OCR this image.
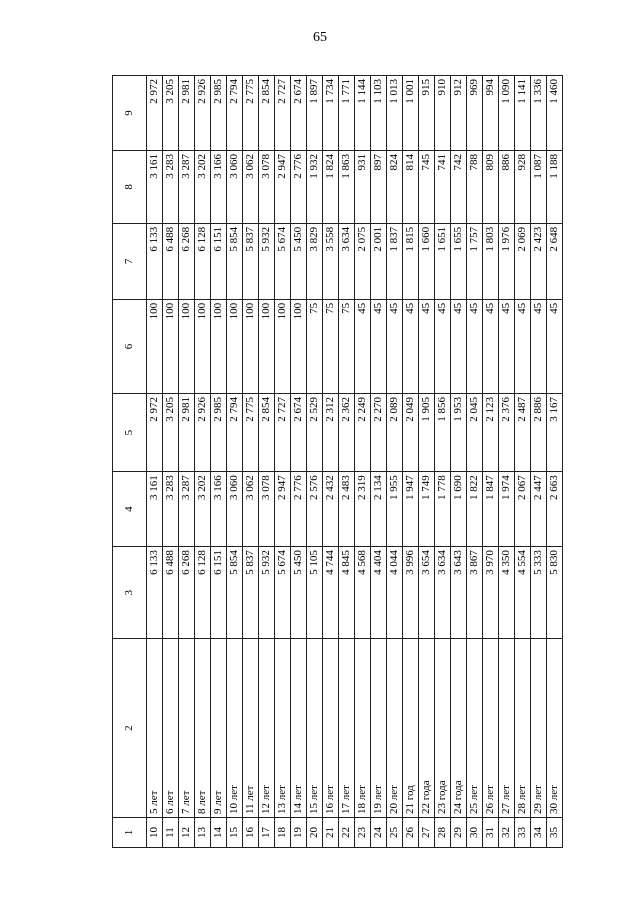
65
1	2	3	4	5	6	7	8	9
10	5 лет	6 133	3 161	2 972	100	6 133	3 161	2 972
11	6 лет	6 488	3 283	3 205	100	6 488	3 283	3 205
12	7 лет	6 268	3 287	2 981	100	6 268	3 287	2 981
13	8 лет	6 128	3 202	2 926	100	6 128	3 202	2 926
14	9 лет	6 151	3 166	2 985	100	6 151	3 166	2 985
15	10 лет	5 854	3 060	2 794	100	5 854	3 060	2 794
16	11 лет	5 837	3 062	2 775	100	5 837	3 062	2 775
17	12 лет	5 932	3 078	2 854	100	5 932	3 078	2 854
18	13 лет	5 674	2 947	2 727	100	5 674	2 947	2 727
19	14 лет	5 450	2 776	2 674	100	5 450	2 776	2 674
20	15 лет	5 105	2 576	2 529	75	3 829	1 932	1 897
21	16 лет	4 744	2 432	2 312	75	3 558	1 824	1 734
22	17 лет	4 845	2 483	2 362	75	3 634	1 863	1 771
23	18 лет	4 568	2 319	2 249	45	2 075	931	1 144
24	19 лет	4 404	2 134	2 270	45	2 001	897	1 103
25	20 лет	4 044	1 955	2 089	45	1 837	824	1 013
26	21 год	3 996	1 947	2 049	45	1 815	814	1 001
27	22 года	3 654	1 749	1 905	45	1 660	745	915
28	23 года	3 634	1 778	1 856	45	1 651	741	910
29	24 года	3 643	1 690	1 953	45	1 655	742	912
30	25 лет	3 867	1 822	2 045	45	1 757	788	969
31	26 лет	3 970	1 847	2 123	45	1 803	809	994
32	27 лет	4 350	1 974	2 376	45	1 976	886	1 090
33	28 лет	4 554	2 067	2 487	45	2 069	928	1 141
34	29 лет	5 333	2 447	2 886	45	2 423	1 087	1 336
35	30 лет	5 830	2 663	3 167	45	2 648	1 188	1 460
